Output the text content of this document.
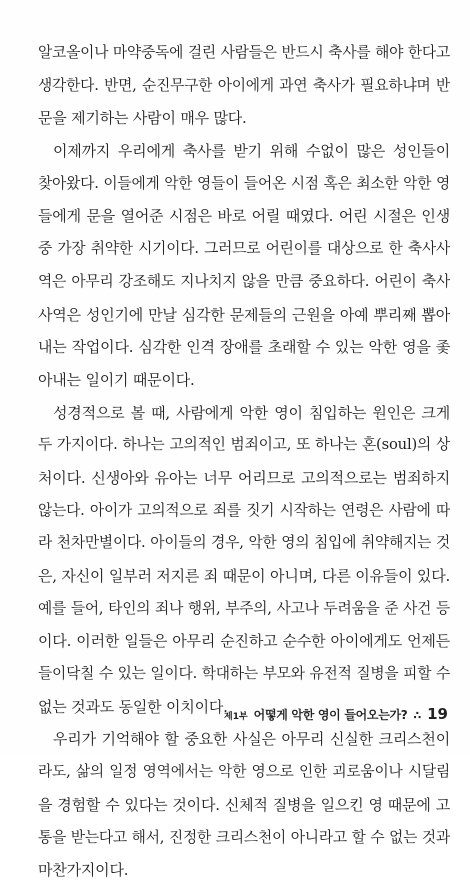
알코올이나 마약중독에 걸린 사람들은 반드시 축사를 해야 한다고
생각한다. 반면, 순진무구한 아이에게 과연 축사가 필요하냐며 반
문을 제기하는 사람이 매우 많다.
이제까지 우리에게 축사를 받기 위해 수없이 많은 성인들이
찾아왔다. 이들에게 악한 영들이 들어온 시점 혹은 최소한 악한 영
들에게 문을 열어준 시점은 바로 어릴 때였다. 어린 시절은 인생
중 가장 취약한 시기이다. 그러므로 어린이를 대상으로 한 축사사
역은 아무리 강조해도 지나치지 않을 만큼 중요하다. 어린이 축사
사역은 성인기에 만날 심각한 문제들의 근원을 아예 뿌리째 뽑아
내는 작업이다. 심각한 인격 장애를 초래할 수 있는 악한 영을 좇
아내는 일이기 때문이다.
성경적으로 볼 때, 사람에게 악한 영이 침입하는 원인은 크게
두 가지이다. 하나는 고의적인 범죄이고, 또 하나는 혼(soul)의 상
처이다. 신생아와 유아는 너무 어리므로 고의적으로는 범죄하지
않는다. 아이가 고의적으로 죄를 짓기 시작하는 연령은 사람에 따
라 천차만별이다. 아이들의 경우, 악한 영의 침입에 취약해지는 것
은, 자신이 일부러 저지른 죄 때문이 아니며, 다른 이유들이 있다.
예를 들어, 타인의 죄나 행위, 부주의, 사고나 두려움을 준 사건 등
이다. 이러한 일들은 아무리 순진하고 순수한 아이에게도 언제든
들이닥칠 수 있는 일이다. 학대하는 부모와 유전적 질병을 피할 수
없는 것과도 동일한 이치이다.
우리가 기억해야 할 중요한 사실은 아무리 신실한 크리스천이
라도, 삶의 일정 영역에서는 악한 영으로 인한 괴로움이나 시달림
을 경험할 수 있다는 것이다. 신체적 질병을 일으킨 영 때문에 고
통을 받는다고 해서, 진정한 크리스천이 아니라고 할 수 없는 것과
마찬가지이다.
제1부 어떻게 악한 영이 들어오는가? ∴ 19
